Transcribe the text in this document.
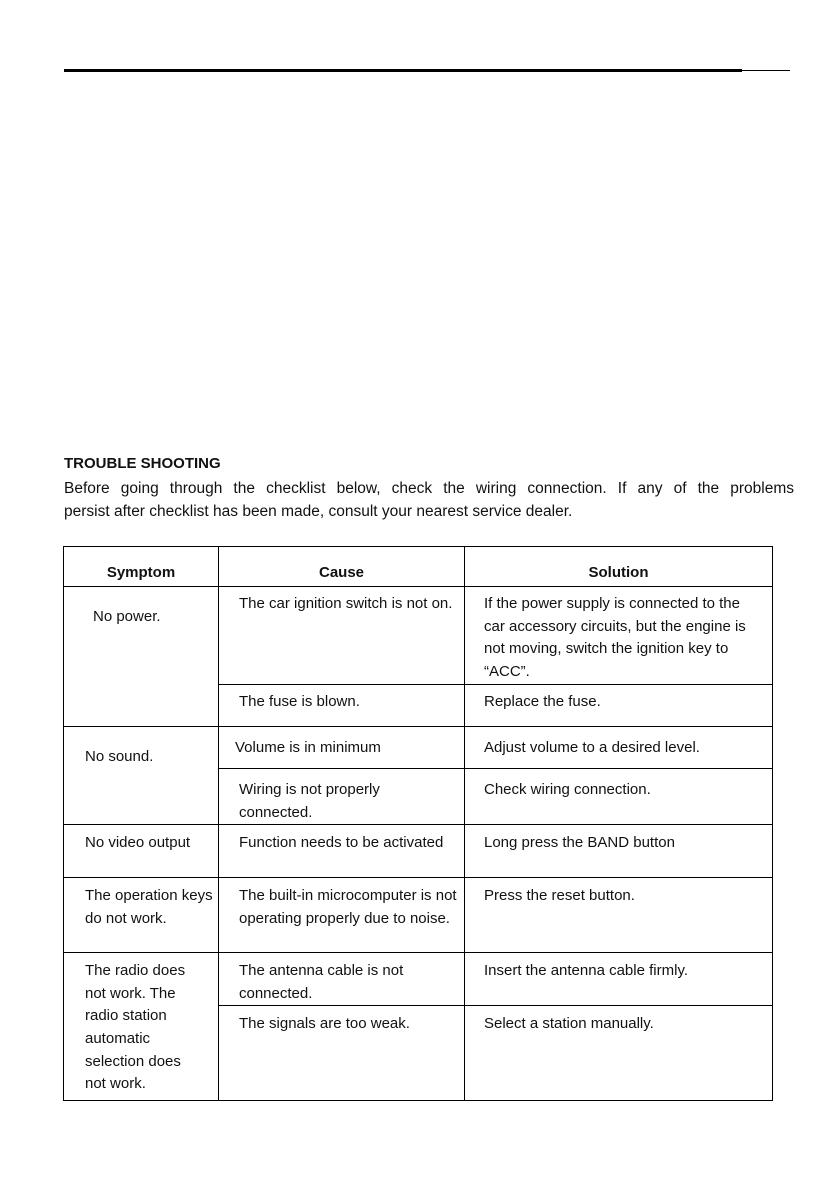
TROUBLE SHOOTING
Before going through the checklist below, check the wiring connection. If any of the problems
persist after checklist has been made, consult your nearest service dealer.
Symptom	Cause	Solution

No power.	The car ignition switch is not on.	If the power supply is connected to the car accessory circuits, but the engine is not moving, switch the ignition key to “ACC”.

	The fuse is blown.	Replace the fuse.

No sound.	Volume is in minimum	Adjust volume to a desired level.

	Wiring is not properly connected.	Check wiring connection.

No video output	Function needs to be activated	Long press the BAND button

The operation keys do not work.	The built-in microcomputer is not operating properly due to noise.	Press the reset button.

The radio does not work. The radio station automatic selection does not work.	The antenna cable is not connected.	Insert the antenna cable firmly.

	The signals are too weak.	Select a station manually.
